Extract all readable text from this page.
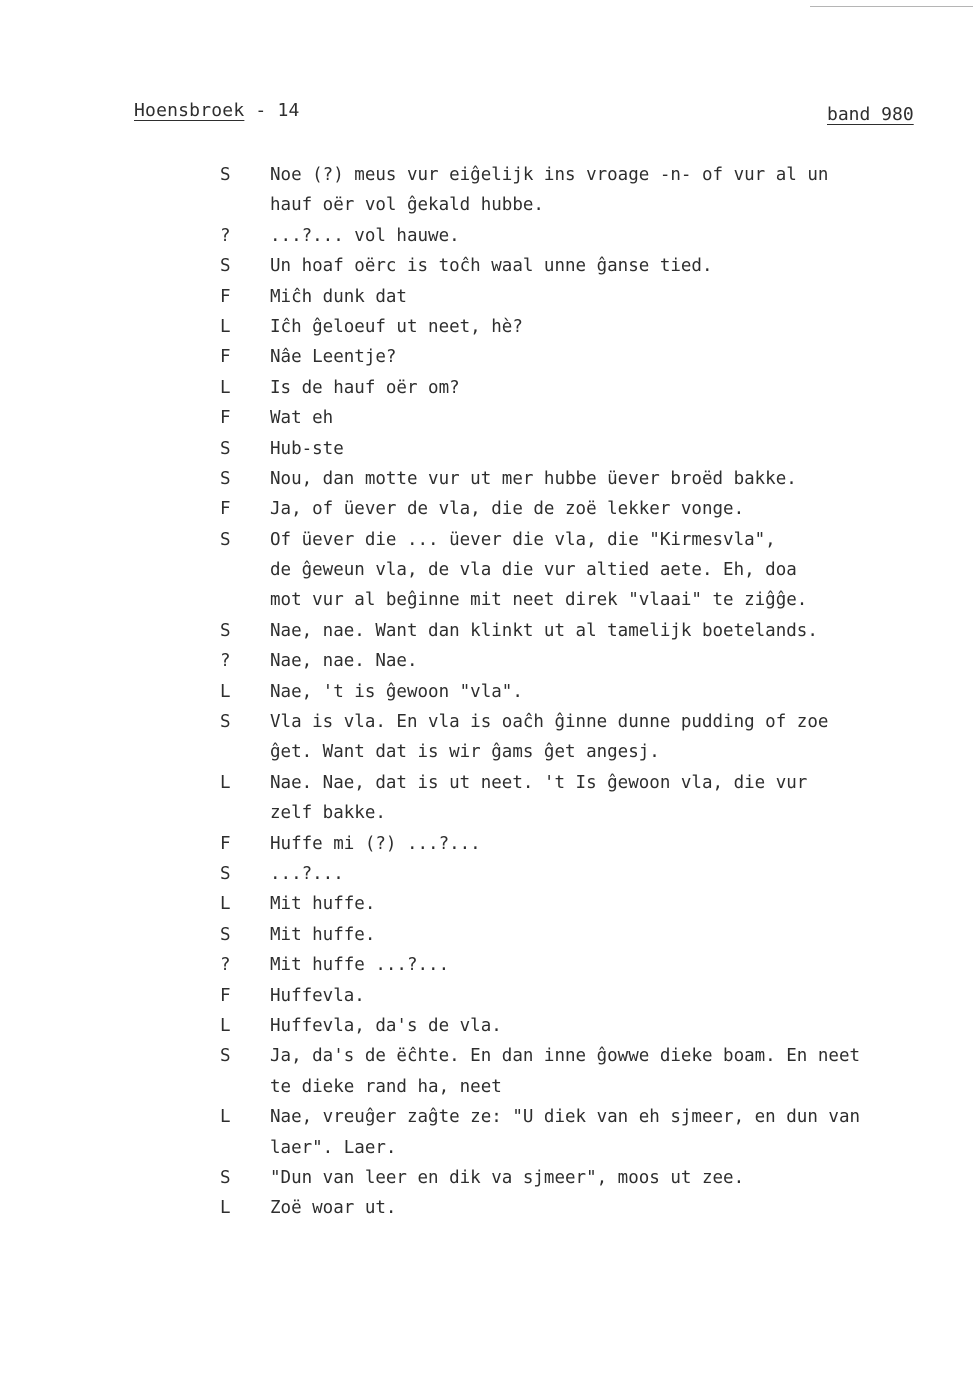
Hoensbroek - 14	band 980
S	Noe (?) meus vur eiĝelijk ins vroage -n- of vur al un
hauf oër vol ĝekald hubbe.
?	...?... vol hauwe.
S	Un hoaf oërc is toĉh waal unne ĝanse tied.
F	Miĉh dunk dat
L	Iĉh ĝeloeuf ut neet, hè?
F	Nâe Leentje?
L	Is de hauf oër om?
F	Wat eh
S	Hub-ste
S	Nou, dan motte vur ut mer hubbe üever broëd bakke.
F	Ja, of üever de vla, die de zoë lekker vonge.
S	Of üever die ... üever die vla, die "Kirmesvla",
de ĝeweun vla, de vla die vur altied aete. Eh, doa
mot vur al beĝinne mit neet direk "vlaai" te ziĝĝe.
S	Nae, nae. Want dan klinkt ut al tamelijk boetelands.
?	Nae, nae. Nae.
L	Nae, 't is ĝewoon "vla".
S	Vla is vla. En vla is oaĉh ĝinne dunne pudding of zoe
ĝet. Want dat is wir ĝams ĝet angesj.
L	Nae. Nae, dat is ut neet. 't Is ĝewoon vla, die vur
zelf bakke.
F	Huffe mi (?) ...?...
S	...?...
L	Mit huffe.
S	Mit huffe.
?	Mit huffe ...?...
F	Huffevla.
L	Huffevla, da's de vla.
S	Ja, da's de ëĉhte. En dan inne ĝowwe dieke boam. En neet
te dieke rand ha, neet
L	Nae, vreuĝer zaĝte ze: "U diek van eh sjmeer, en dun van
laer". Laer.
S	"Dun van leer en dik va sjmeer", moos ut zee.
L	Zoë woar ut.
